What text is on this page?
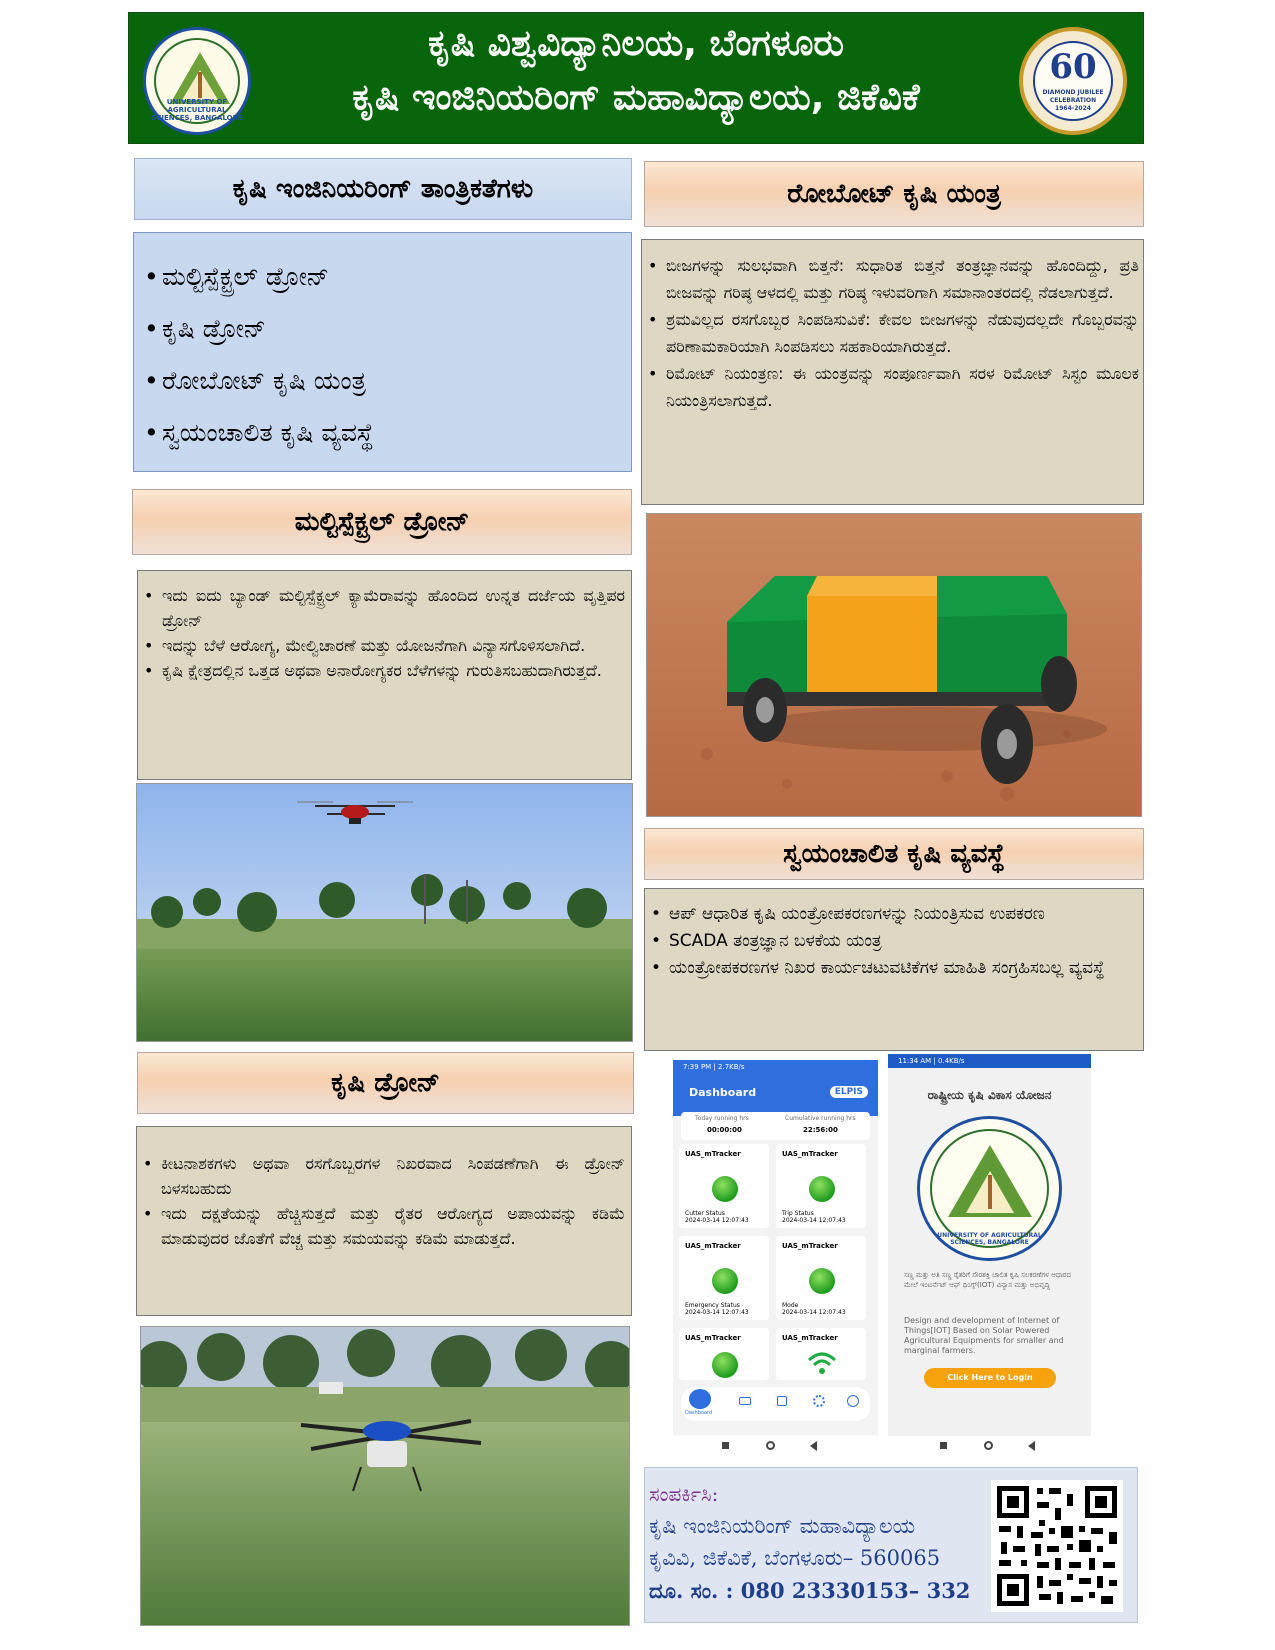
UNIVERSITY OF AGRICULTURAL SCIENCES, BANGALORE
ಕೃಷಿ ವಿಶ್ವವಿದ್ಯಾನಿಲಯ, ಬೆಂಗಳೂರು
ಕೃಷಿ ಇಂಜಿನಿಯರಿಂಗ್ ಮಹಾವಿದ್ಯಾಲಯ, ಜಿಕೆವಿಕೆ
60
DIAMOND JUBILEE CELEBRATION
1964-2024
ಕೃಷಿ ಇಂಜಿನಿಯರಿಂಗ್ ತಾಂತ್ರಿಕತೆಗಳು
• ಮಲ್ಟಿಸ್ಪೆಕ್ಟ್ರಲ್ ಡ್ರೋನ್
• ಕೃಷಿ ಡ್ರೋನ್
• ರೋಬೋಟ್ ಕೃಷಿ ಯಂತ್ರ
• ಸ್ವಯಂಚಾಲಿತ ಕೃಷಿ ವ್ಯವಸ್ಥೆ
ಮಲ್ಟಿಸ್ಪೆಕ್ಟ್ರಲ್ ಡ್ರೋನ್
• ಇದು ಐದು ಬ್ಯಾಂಡ್ ಮಲ್ಟಿಸ್ಪೆಕ್ಟ್ರಲ್ ಕ್ಯಾಮೆರಾವನ್ನು ಹೊಂದಿದ ಉನ್ನತ ದರ್ಜೆಯ ವೃತ್ತಿಪರ ಡ್ರೋನ್
• ಇದನ್ನು ಬೆಳೆ ಆರೋಗ್ಯ, ಮೇಲ್ವಿಚಾರಣೆ ಮತ್ತು ಯೋಜನೆಗಾಗಿ ವಿನ್ಯಾಸಗೊಳಿಸಲಾಗಿದೆ.
• ಕೃಷಿ ಕ್ಷೇತ್ರದಲ್ಲಿನ ಒತ್ತಡ ಅಥವಾ ಅನಾರೋಗ್ಯಕರ ಬೆಳೆಗಳನ್ನು ಗುರುತಿಸಬಹುದಾಗಿರುತ್ತದೆ.
ಕೃಷಿ ಡ್ರೋನ್
• ಕೀಟನಾಶಕಗಳು ಅಥವಾ ರಸಗೊಬ್ಬರಗಳ ನಿಖರವಾದ ಸಿಂಪಡಣೆಗಾಗಿ ಈ ಡ್ರೋನ್ ಬಳಸಬಹುದು
• ಇದು ದಕ್ಷತೆಯನ್ನು ಹೆಚ್ಚಿಸುತ್ತದೆ ಮತ್ತು ರೈತರ ಆರೋಗ್ಯದ ಅಪಾಯವನ್ನು ಕಡಿಮೆ ಮಾಡುವುದರ ಜೊತೆಗೆ ವೆಚ್ಚ ಮತ್ತು ಸಮಯವನ್ನು ಕಡಿಮೆ ಮಾಡುತ್ತದೆ.
ರೋಬೋಟ್ ಕೃಷಿ ಯಂತ್ರ
• ಬೀಜಗಳನ್ನು ಸುಲಭವಾಗಿ ಬಿತ್ತನೆ: ಸುಧಾರಿತ ಬಿತ್ತನೆ ತಂತ್ರಜ್ಞಾನವನ್ನು ಹೊಂದಿದ್ದು, ಪ್ರತಿ ಬೀಜವನ್ನು ಗರಿಷ್ಠ ಆಳದಲ್ಲಿ ಮತ್ತು ಗರಿಷ್ಠ ಇಳುವರಿಗಾಗಿ ಸಮಾನಾಂತರದಲ್ಲಿ ನೆಡಲಾಗುತ್ತದೆ.
• ಶ್ರಮವಿಲ್ಲದ ರಸಗೊಬ್ಬರ ಸಿಂಪಡಿಸುವಿಕೆ: ಕೇವಲ ಬೀಜಗಳನ್ನು ನೆಡುವುದಲ್ಲದೇ ಗೊಬ್ಬರವನ್ನು ಪರಿಣಾಮಕಾರಿಯಾಗಿ ಸಿಂಪಡಿಸಲು ಸಹಕಾರಿಯಾಗಿರುತ್ತದೆ.
• ರಿಮೋಟ್ ನಿಯಂತ್ರಣ: ಈ ಯಂತ್ರವನ್ನು ಸಂಪೂರ್ಣವಾಗಿ ಸರಳ ರಿಮೋಟ್ ಸಿಸ್ಟಂ ಮೂಲಕ ನಿಯಂತ್ರಿಸಲಾಗುತ್ತದೆ.
ಸ್ವಯಂಚಾಲಿತ ಕೃಷಿ ವ್ಯವಸ್ಥೆ
• ಆಪ್ ಆಧಾರಿತ ಕೃಷಿ ಯಂತ್ರೋಪಕರಣಗಳನ್ನು ನಿಯಂತ್ರಿಸುವ ಉಪಕರಣ
• SCADA ತಂತ್ರಜ್ಞಾನ ಬಳಕೆಯ ಯಂತ್ರ
• ಯಂತ್ರೋಪಕರಣಗಳ ನಿಖರ ಕಾರ್ಯಚಟುವಟಿಕೆಗಳ ಮಾಹಿತಿ ಸಂಗ್ರಹಿಸಬಲ್ಲ ವ್ಯವಸ್ಥೆ
7:39 PM | 2.7KB/s
Dashboard	ELPIS
Today running hrs
00:00:00
Cumulative running hrs
22:56:00
UAS_mTracker
Cutter Status
2024-03-14 12:07:43
UAS_mTracker
Trip Status
2024-03-14 12:07:43
UAS_mTracker
Emergency Status
2024-03-14 12:07:43
UAS_mTracker
Mode
2024-03-14 12:07:43
UAS_mTracker	UAS_mTracker
Dashboard
11:34 AM | 0.4KB/s
ರಾಷ್ಟ್ರೀಯ ಕೃಷಿ ವಿಕಾಸ ಯೋಜನ
UNIVERSITY OF AGRICULTURAL SCIENCES, BANGALORE
ಸಣ್ಣ ಮತ್ತು ಅತಿ ಸಣ್ಣ ರೈತರಿಗೆ ಸೌರಶಕ್ತಿ ಚಾಲಿತ ಕೃಷಿ ಸಲಕರಣೆಗಳ ಆಧಾರದ ಮೇಲೆ ಇಂಟರ್ನೆಟ್ ಆಫ್ ಥಿಂಗ್ಸ್(IOT) ವಿನ್ಯಾಸ ಮತ್ತು ಅಭಿವೃದ್ಧಿ
Design and development of Internet of Things[IOT] Based on Solar Powered Agricultural Equipments for smaller and marginal farmers.
Click Here to Login
ಸಂಪರ್ಕಿಸಿ:
ಕೃಷಿ ಇಂಜಿನಿಯರಿಂಗ್ ಮಹಾವಿದ್ಯಾಲಯ
ಕೃವಿವಿ, ಜಿಕೆವಿಕೆ, ಬೆಂಗಳೂರು– 560065
ದೂ. ಸಂ. : 080 23330153– 332
